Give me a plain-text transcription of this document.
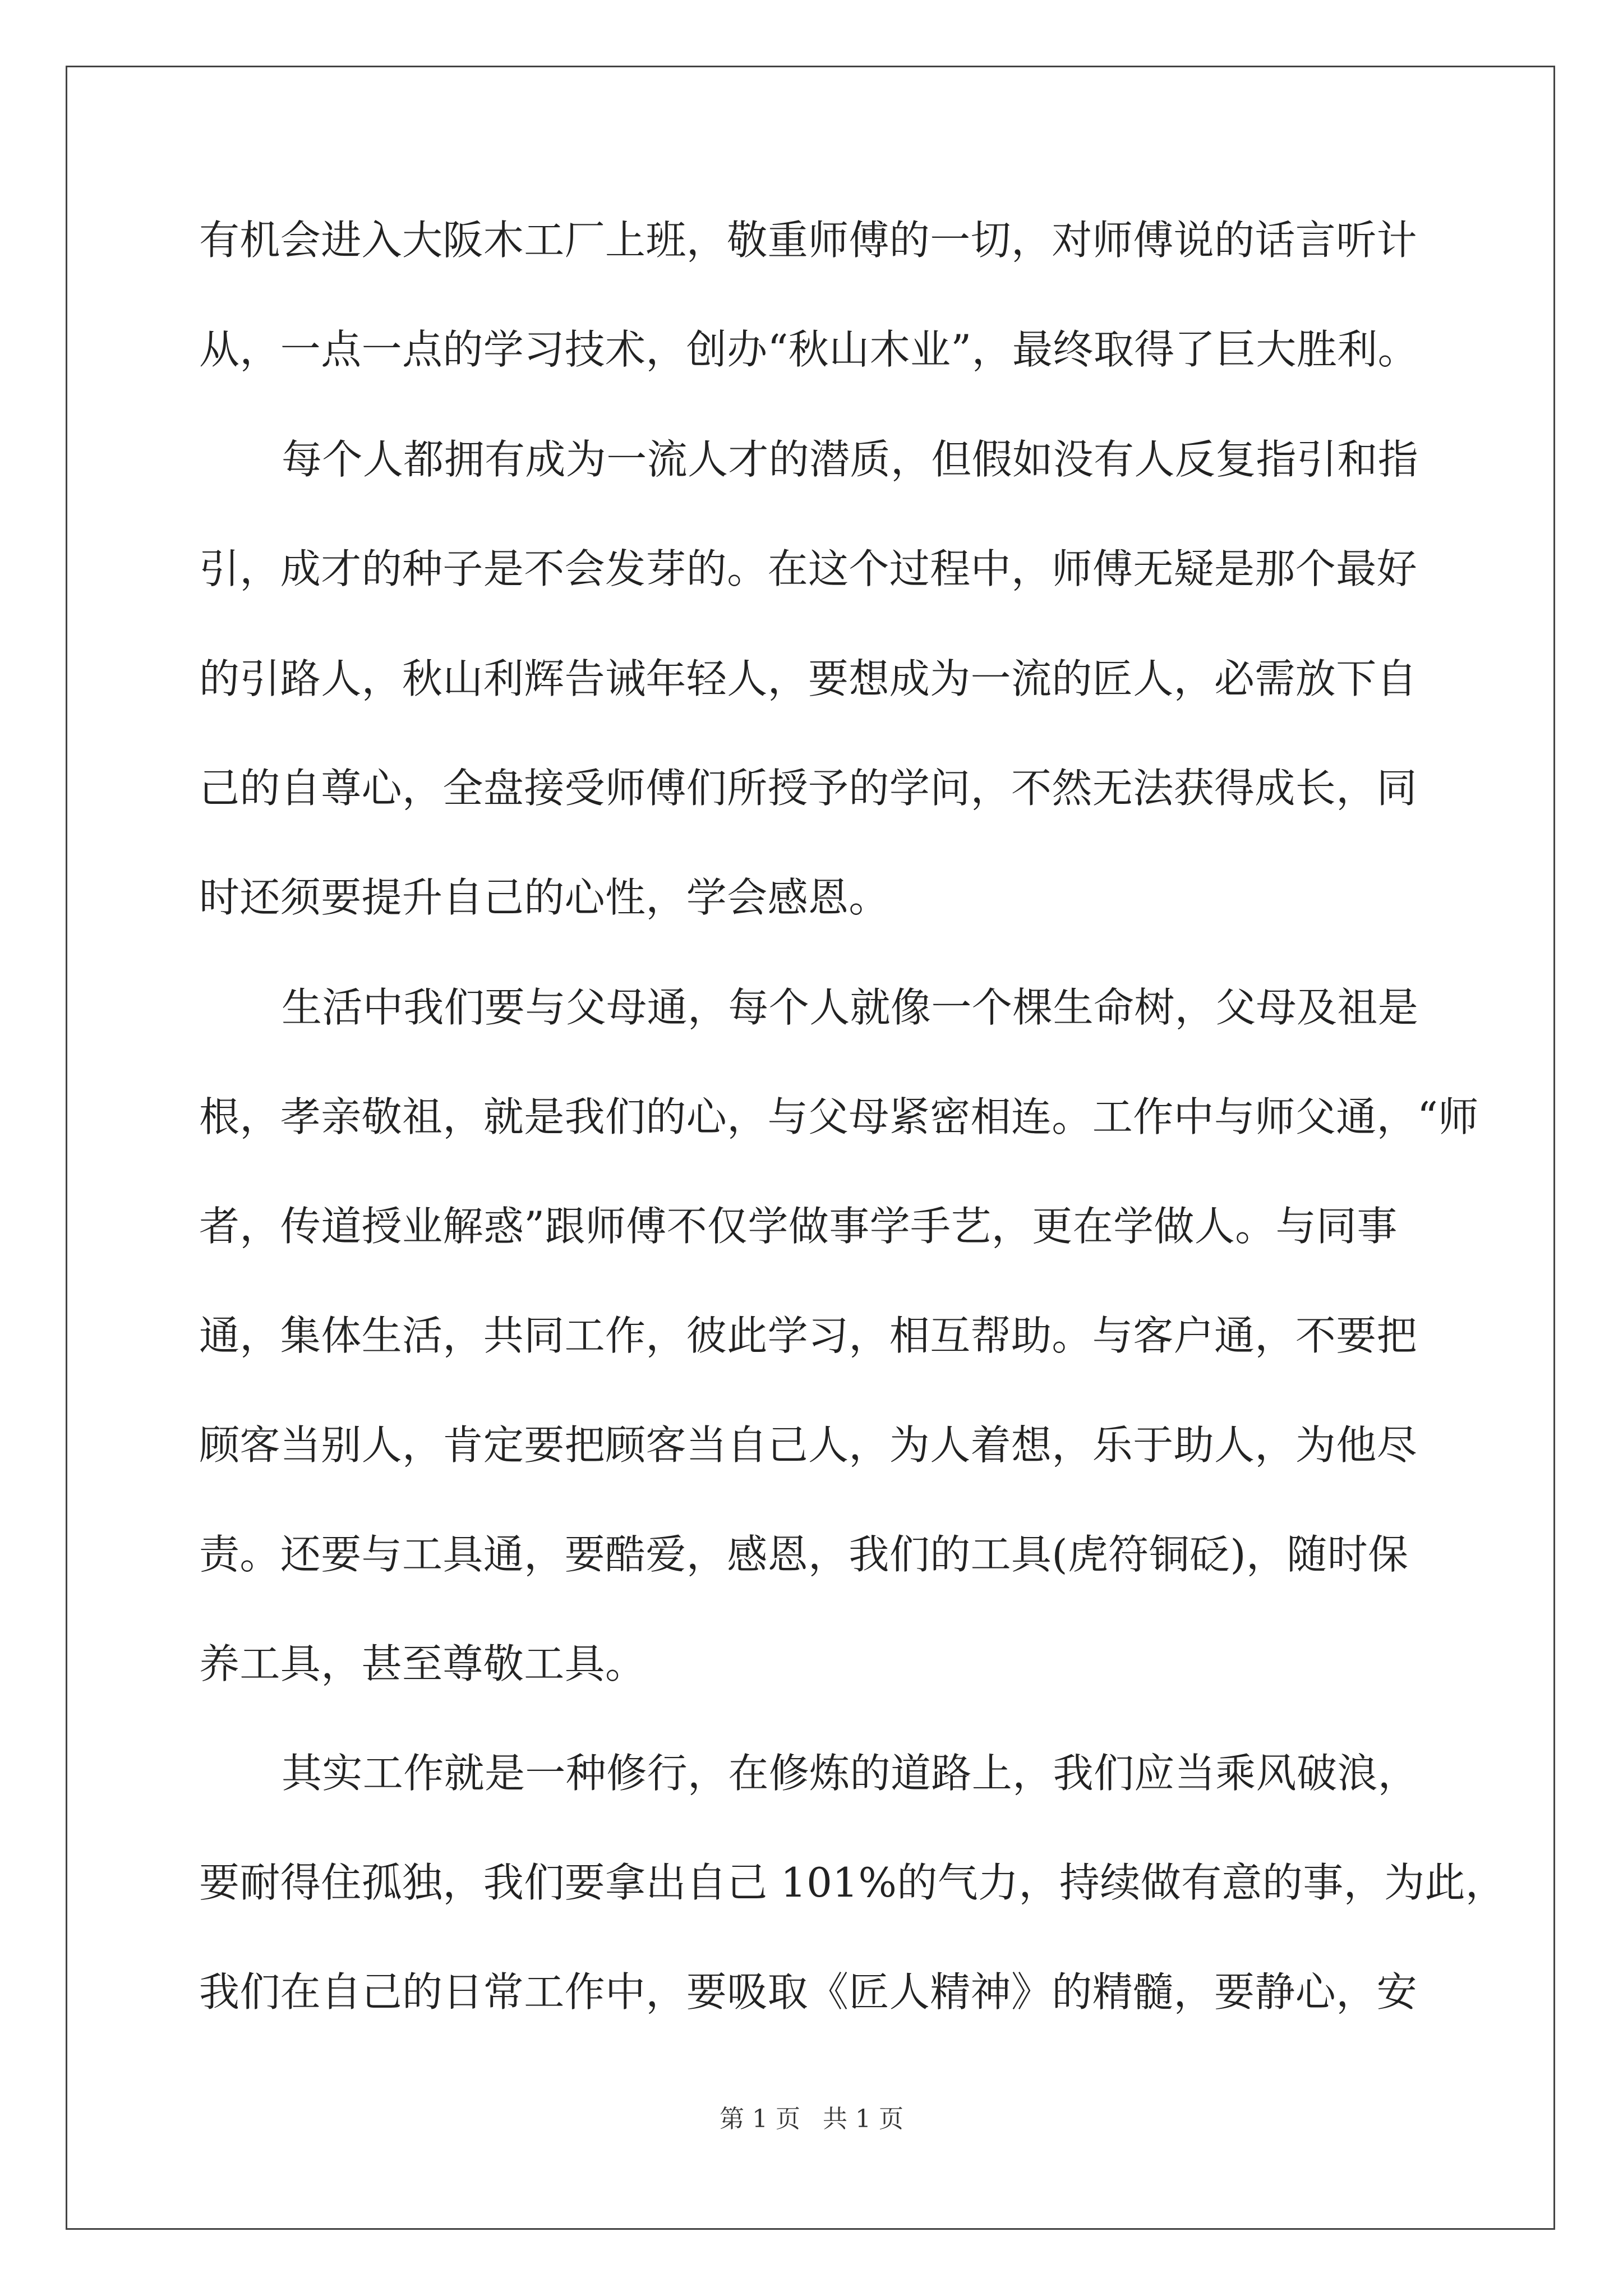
有机会进入大阪木工厂上班，敬重师傅的一切，对师傅说的话言听计
从，一点一点的学习技术，创办“秋山木业”，最终取得了巨大胜利。
每个人都拥有成为一流人才的潜质，但假如没有人反复指引和指
引，成才的种子是不会发芽的。在这个过程中，师傅无疑是那个最好
的引路人，秋山利辉告诫年轻人，要想成为一流的匠人，必需放下自
己的自尊心，全盘接受师傅们所授予的学问，不然无法获得成长，同
时还须要提升自己的心性，学会感恩。
生活中我们要与父母通，每个人就像一个棵生命树，父母及祖是
根，孝亲敬祖，就是我们的心，与父母紧密相连。工作中与师父通，“师
者，传道授业解惑”跟师傅不仅学做事学手艺，更在学做人。与同事
通，集体生活，共同工作，彼此学习，相互帮助。与客户通，不要把
顾客当别人，肯定要把顾客当自己人，为人着想，乐于助人，为他尽
责。还要与工具通，要酷爱，感恩，我们的工具(虎符铜砭)，随时保
养工具，甚至尊敬工具。
其实工作就是一种修行，在修炼的道路上，我们应当乘风破浪，
要耐得住孤独，我们要拿出自己 101%的气力，持续做有意的事，为此，
我们在自己的日常工作中，要吸取《匠人精神》的精髓，要静心，安
第 1 页 共 1 页
